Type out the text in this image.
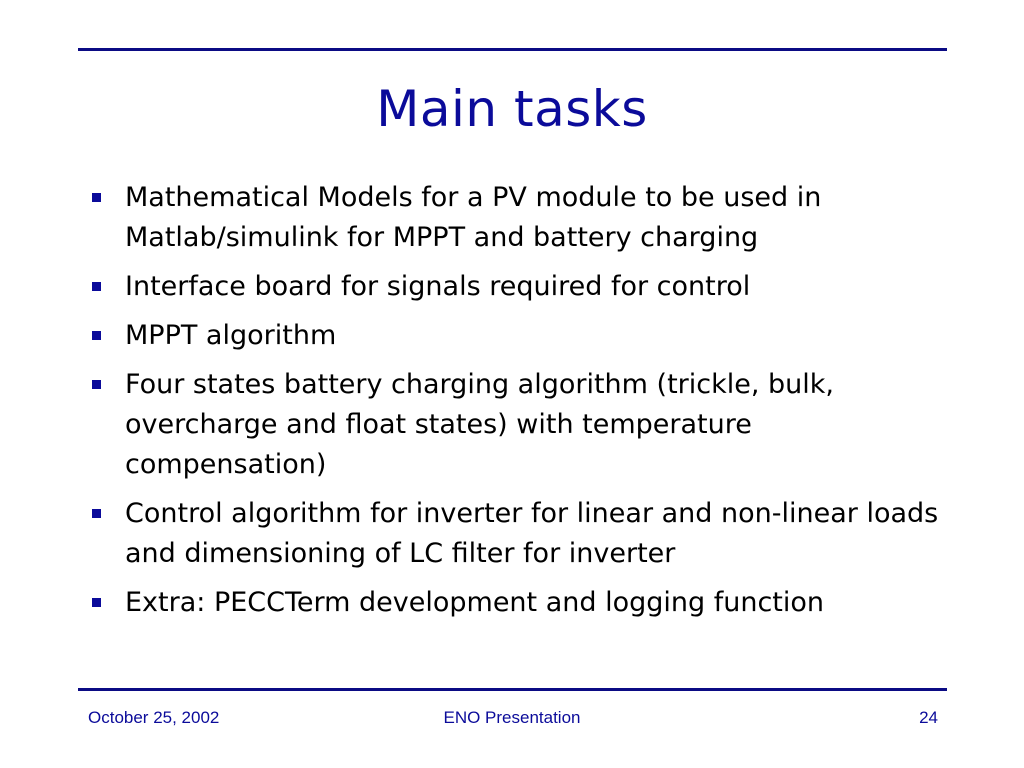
Main tasks
Mathematical Models for a PV module to be used in Matlab/simulink for MPPT and battery charging
Interface board for signals required for control
MPPT algorithm
Four states battery charging algorithm (trickle, bulk, overcharge and float states) with temperature compensation)
Control algorithm for inverter for linear and non-linear loads and dimensioning of LC filter for inverter
Extra: PECCTerm development and logging function
October 25, 2002	ENO Presentation	24
